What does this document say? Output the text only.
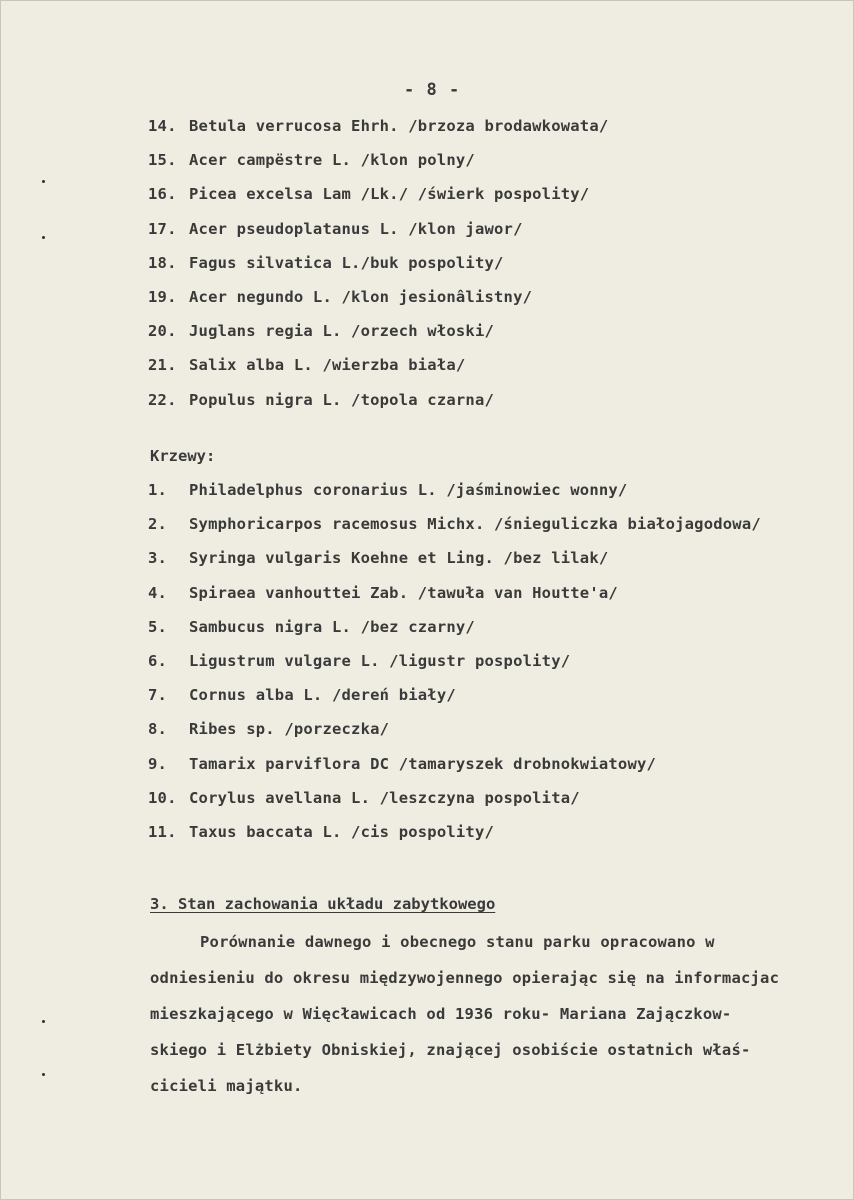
- 8 -
14. Betula verrucosa Ehrh. /brzoza brodawkowata/
15. Acer campëstre L. /klon polny/
16. Picea excelsa Lam /Lk./ /świerk pospolity/
17. Acer pseudoplatanus L. /klon jawor/
18. Fagus silvatica L./buk pospolity/
19. Acer negundo L. /klon jesionâlistny/
20. Juglans regia L. /orzech włoski/
21. Salix alba L. /wierzba biała/
22. Populus nigra L. /topola czarna/
Krzewy:
1. Philadelphus coronarius L. /jaśminowiec wonny/
2. Symphoricarpos racemosus Michx. /śnieguliczka białojagodowa/
3. Syringa vulgaris Koehne et Ling. /bez lilak/
4. Spiraea vanhouttei Zab. /tawuła van Houtte'a/
5. Sambucus nigra L. /bez czarny/
6. Ligustrum vulgare L. /ligustr pospolity/
7. Cornus alba L. /dereń biały/
8. Ribes sp. /porzeczka/
9. Tamarix parviflora DC /tamaryszek drobnokwiatowy/
10. Corylus avellana L. /leszczyna pospolita/
11. Taxus baccata L. /cis pospolity/
3. Stan zachowania układu zabytkowego
Porównanie dawnego i obecnego stanu parku opracowano w
odniesieniu do okresu międzywojennego opierając się na informacjac
mieszkającego w Więcławicach od 1936 roku- Mariana Zajączkow-
skiego i Elżbiety Obniskiej, znającej osobiście ostatnich właś-
cicieli majątku.
